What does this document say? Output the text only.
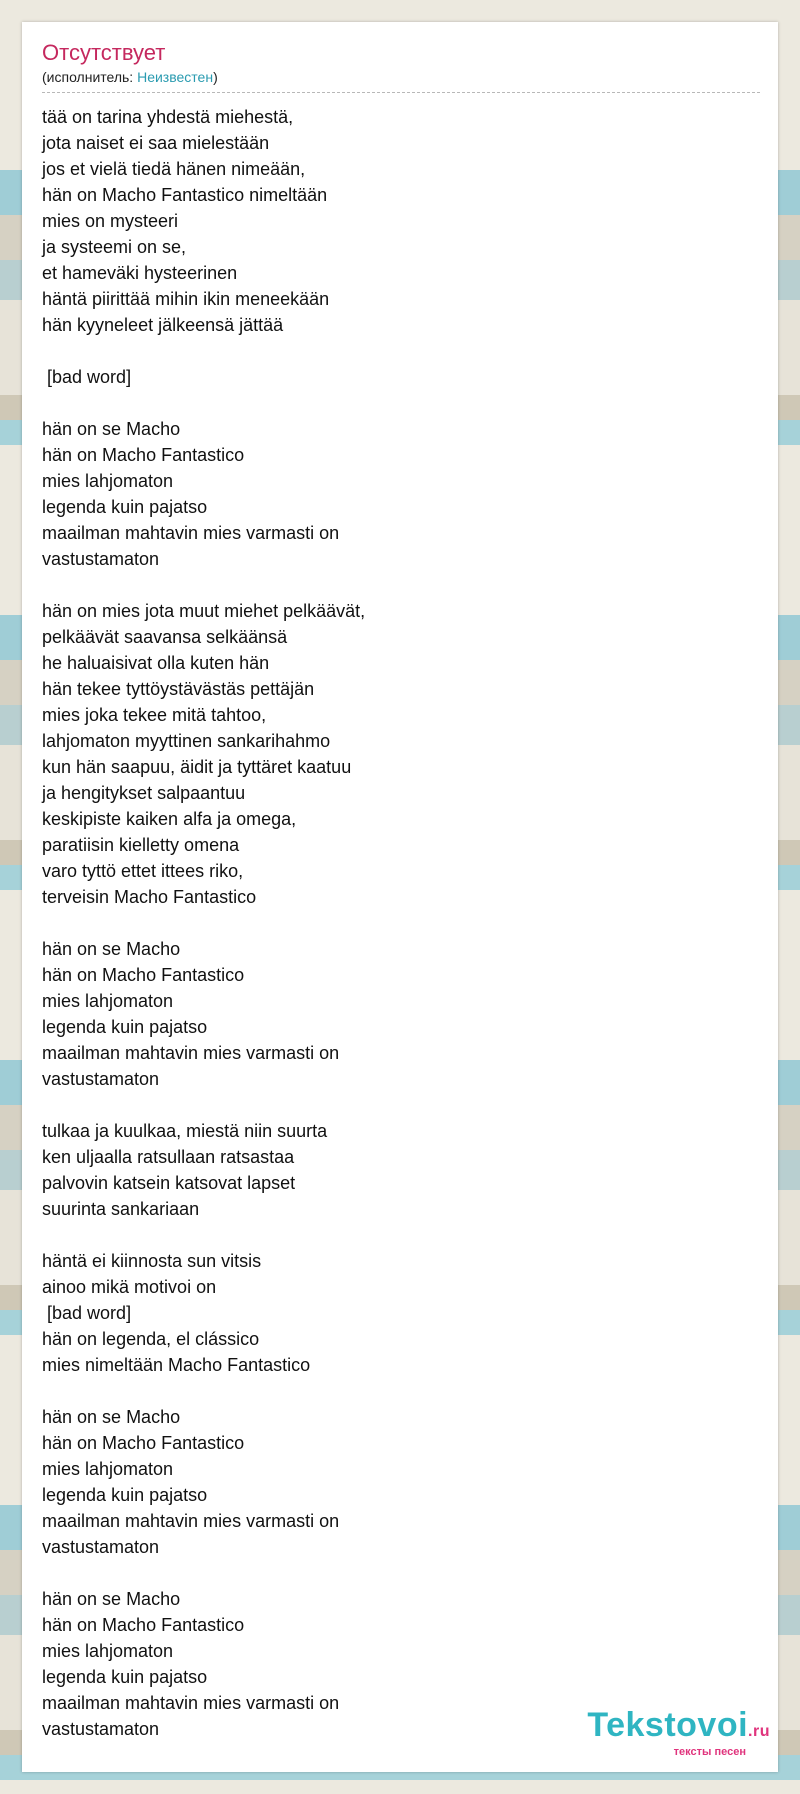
Отсутствует
(исполнитель: Неизвестен)
tää on tarina yhdestä miehestä,
jota naiset ei saa mielestään
jos et vielä tiedä hänen nimeään,
hän on Macho Fantastico nimeltään
mies on mysteeri
ja systeemi on se,
et hameväki hysteerinen
häntä piirittää mihin ikin meneekään
hän kyyneleet jälkeensä jättää

[bad word]

hän on se Macho
hän on Macho Fantastico
mies lahjomaton
legenda kuin pajatso
maailman mahtavin mies varmasti on
vastustamaton

hän on mies jota muut miehet pelkäävät,
pelkäävät saavansa selkäänsä
he haluaisivat olla kuten hän
hän tekee tyttöystävästäs pettäjän
mies joka tekee mitä tahtoo,
lahjomaton myyttinen sankarihahmo
kun hän saapuu, äidit ja tyttäret kaatuu
ja hengitykset salpaantuu
keskipiste kaiken alfa ja omega,
paratiisin kielletty omena
varo tyttö ettet ittees riko,
terveisin Macho Fantastico

hän on se Macho
hän on Macho Fantastico
mies lahjomaton
legenda kuin pajatso
maailman mahtavin mies varmasti on
vastustamaton

tulkaa ja kuulkaa, miestä niin suurta
ken uljaalla ratsullaan ratsastaa
palvovin katsein katsovat lapset
suurinta sankariaan

häntä ei kiinnosta sun vitsis
ainoo mikä motivoi on
[bad word]
hän on legenda, el clássico
mies nimeltään Macho Fantastico

hän on se Macho
hän on Macho Fantastico
mies lahjomaton
legenda kuin pajatso
maailman mahtavin mies varmasti on
vastustamaton

hän on se Macho
hän on Macho Fantastico
mies lahjomaton
legenda kuin pajatso
maailman mahtavin mies varmasti on
vastustamaton	Tekstovoi.ru
тексты песен
